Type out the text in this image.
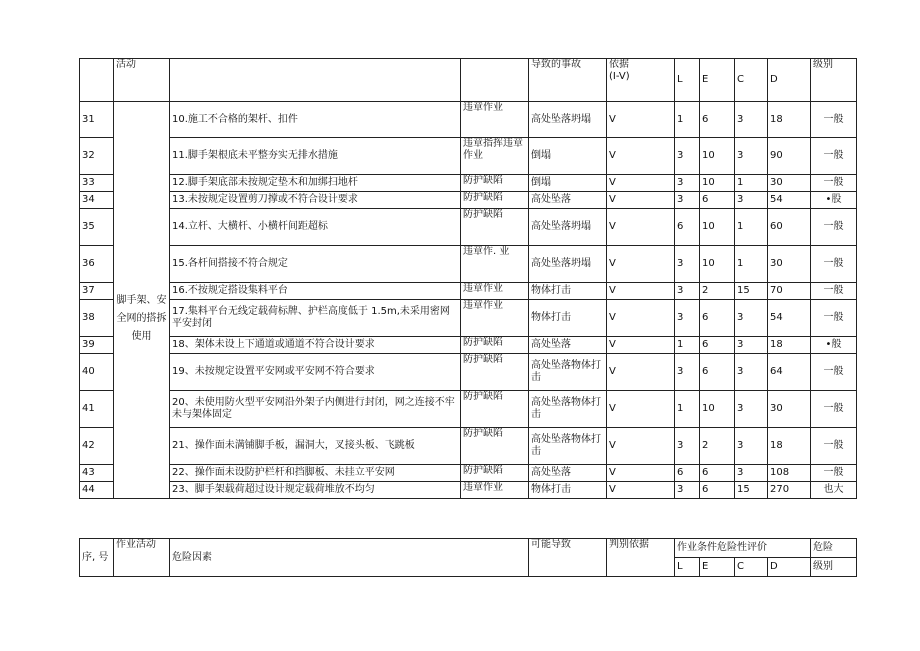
	活动			导致的事故	依据
(I-V)	L	E	C	D	级别
31	脚手架、安全网的搭拆使用	10.施工不合格的架杆、扣件	违章作业	高处坠落坍塌	V	1	6	3	18	一般
32		11.脚手架根底未平整夯实无排水措施	违章指挥违章作业	倒塌	V	3	10	3	90	一般
33		12.脚手架底部未按规定垫木和加绑扫地杆	防护缺陷	倒塌	V	3	10	1	30	一般
34		13.未按规定设置剪刀撑或不符合设计要求	防护缺陷	高处坠落	V	3	6	3	54	•股
35		14.立杆、大横杆、小横杆间距超标	防护缺陷	高处坠落坍塌	V	6	10	1	60	一般
36		15.各杆间搭接不符合规定	违章作. 业	高处坠落坍塌	V	3	10	1	30	一般
37		16.不按规定搭设集料平台	违章作业	物体打击	V	3	2	15	70	一般
38		17.集料平台无线定载荷标牌、护栏高度低于 1.5m,未采用密网平安封闭	违章作业	物体打击	V	3	6	3	54	一般
39		18、架体未设上下通道或通道不符合设计要求	防护缺陷	高处坠落	V	1	6	3	18	•般
40		19、未按规定设置平安网或平安网不符合要求	防护缺陷	高处坠落物体打击	V	3	6	3	64	一般
41		20、未使用防火型平安网沿外架子内侧进行封闭，网之连接不牢未与架体固定	防护缺陷	高处坠落物体打击	V	1	10	3	30	一般
42		21、操作面未满铺脚手板，漏洞大，叉接头板、飞跳板	防护缺陷	高处坠落物体打击	V	3	2	3	18	一般
43		22、操作面未设防护栏杆和挡脚板、未挂立平安网	防护缺陷	高处坠落	V	6	6	3	108	一般
44		23、脚手架载荷超过设计规定载荷堆放不均匀	违章作业	物体打击	V	3	6	15	270	也大
序, 号	作业活动	危险因素	可能导致	判别依据	作业条件危险性评价				危险
					L	E	C	D	级别
